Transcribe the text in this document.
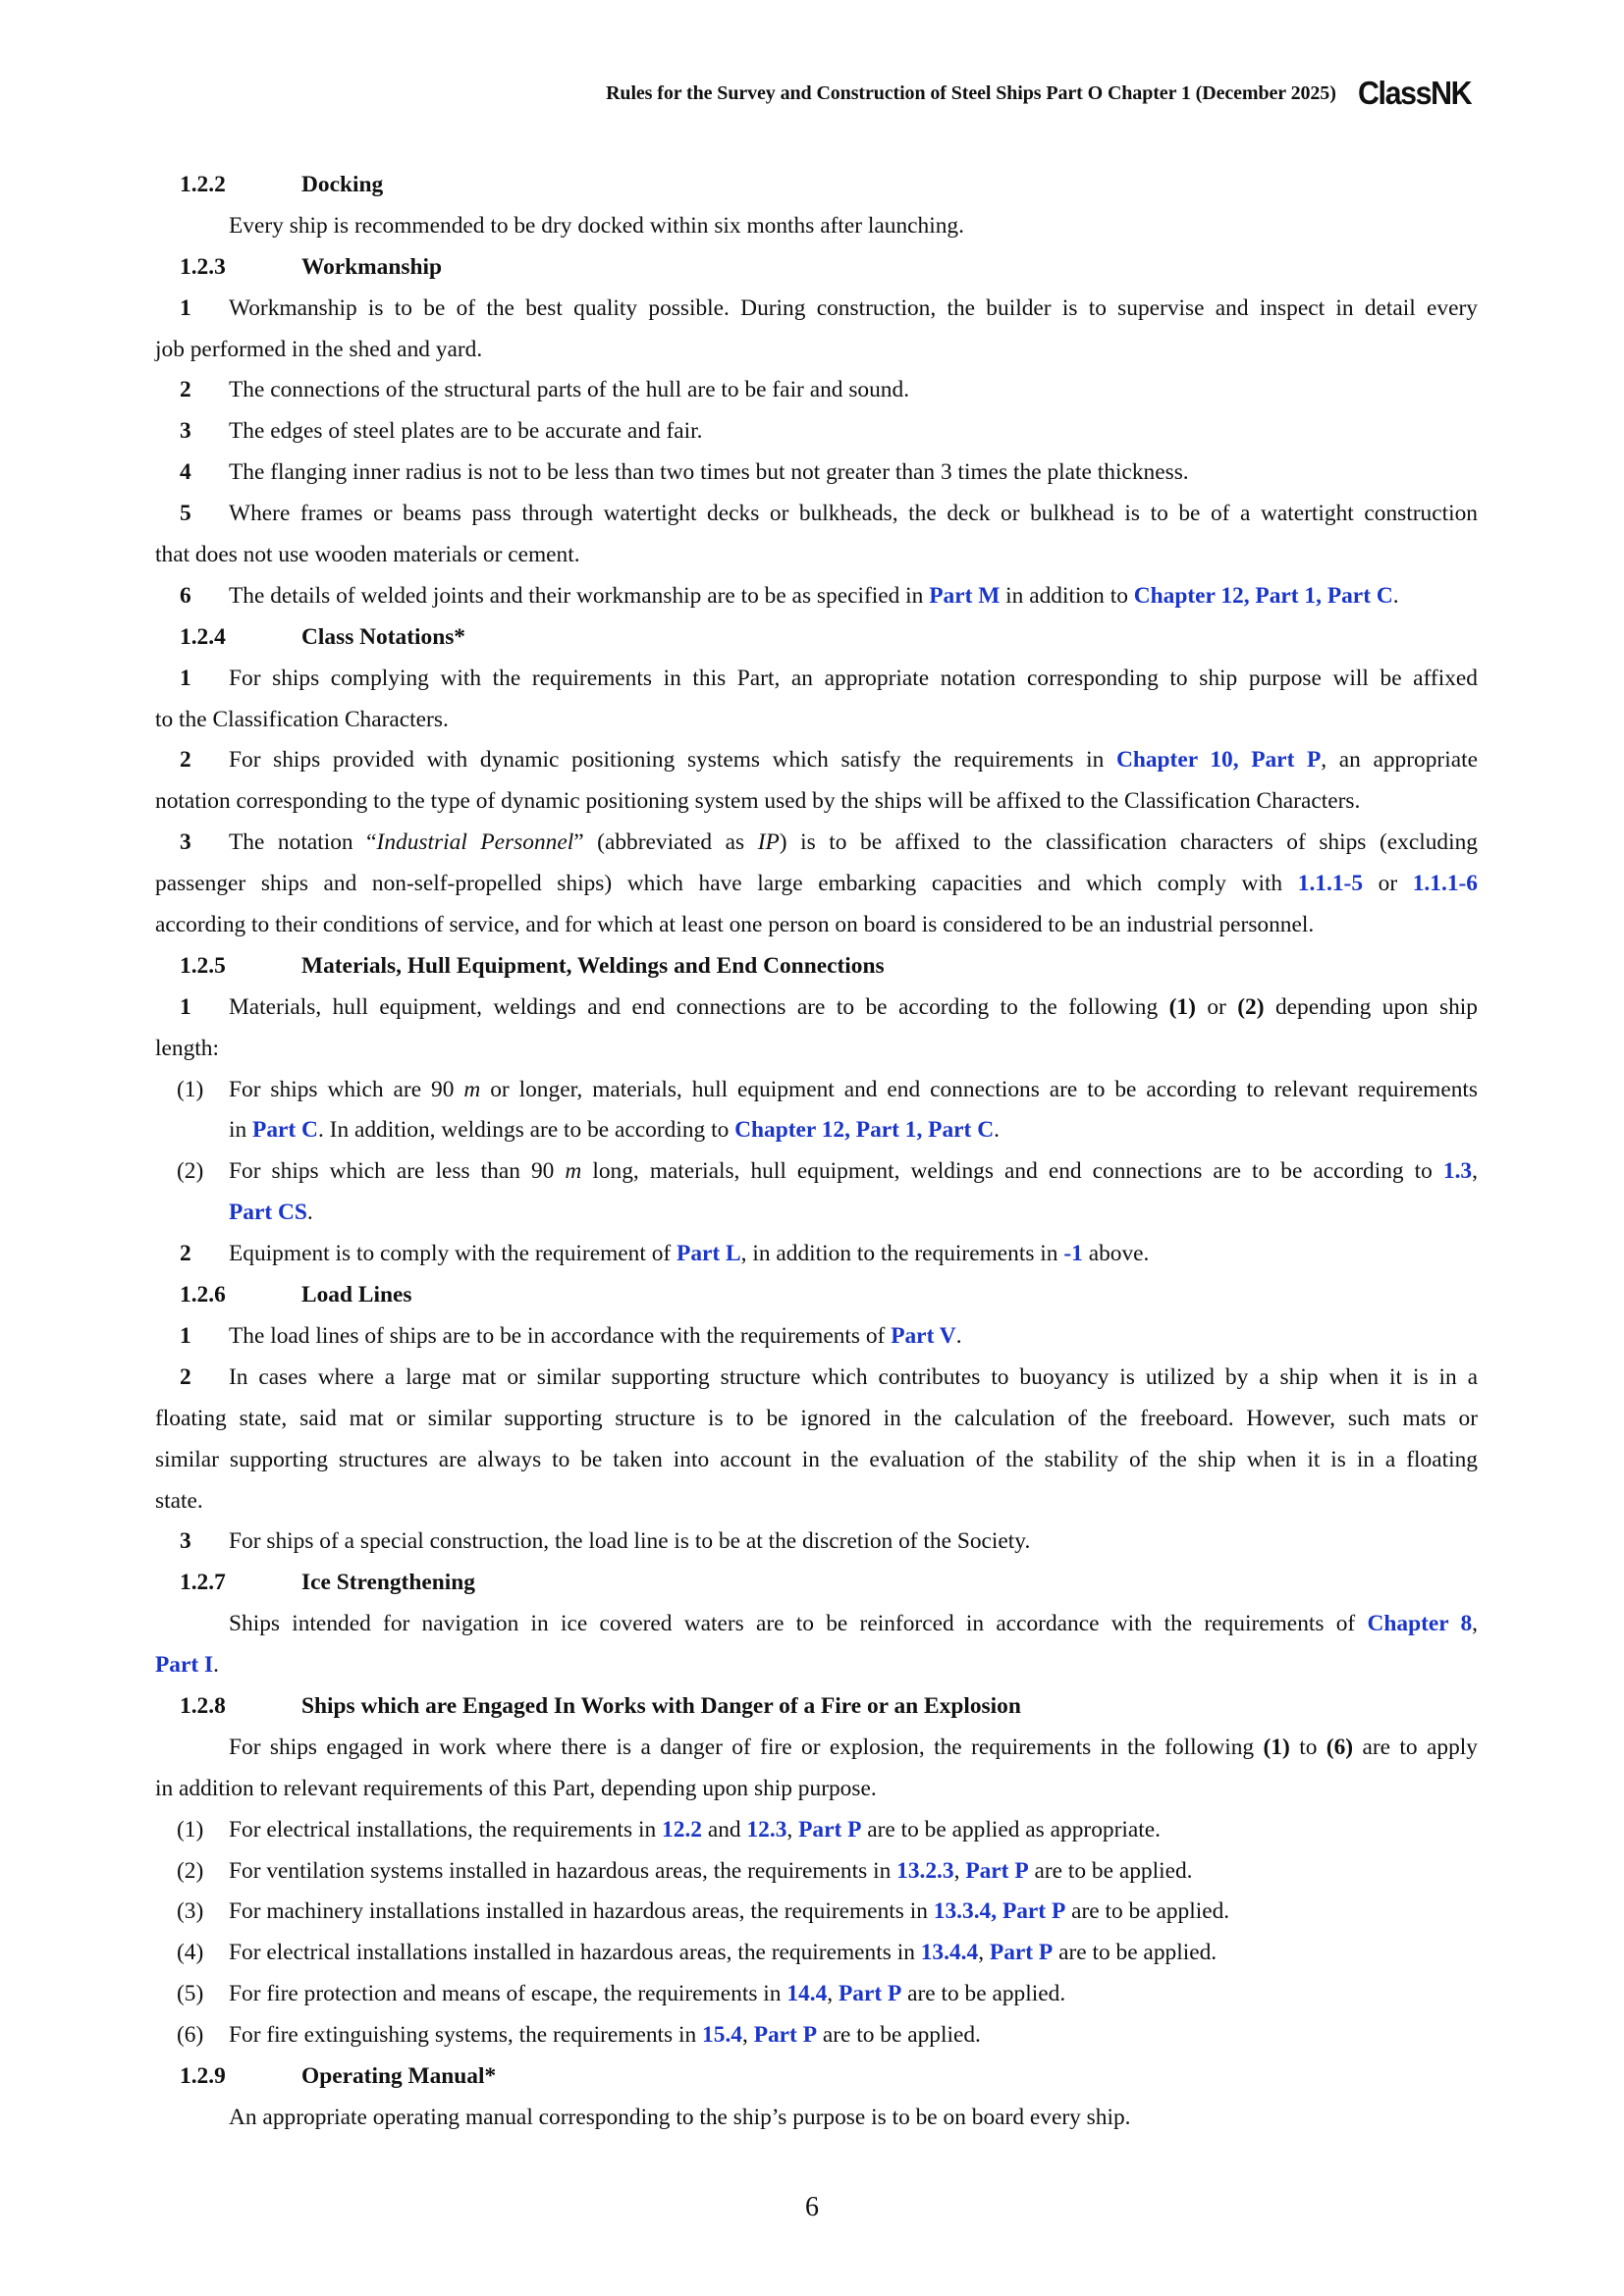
Rules for the Survey and Construction of Steel Ships Part O Chapter 1 (December 2025) ClassNK
1.2.2	Docking
Every ship is recommended to be dry docked within six months after launching.
1.2.3	Workmanship
1 Workmanship is to be of the best quality possible. During construction, the builder is to supervise and inspect in detail every
job performed in the shed and yard.
2 The connections of the structural parts of the hull are to be fair and sound.
3 The edges of steel plates are to be accurate and fair.
4 The flanging inner radius is not to be less than two times but not greater than 3 times the plate thickness.
5 Where frames or beams pass through watertight decks or bulkheads, the deck or bulkhead is to be of a watertight construction
that does not use wooden materials or cement.
6 The details of welded joints and their workmanship are to be as specified in Part M in addition to Chapter 12, Part 1, Part C.
1.2.4	Class Notations*
1 For ships complying with the requirements in this Part, an appropriate notation corresponding to ship purpose will be affixed
to the Classification Characters.
2 For ships provided with dynamic positioning systems which satisfy the requirements in Chapter 10, Part P, an appropriate
notation corresponding to the type of dynamic positioning system used by the ships will be affixed to the Classification Characters.
3 The notation “Industrial Personnel” (abbreviated as IP) is to be affixed to the classification characters of ships (excluding
passenger ships and non-self-propelled ships) which have large embarking capacities and which comply with 1.1.1-5 or 1.1.1-6
according to their conditions of service, and for which at least one person on board is considered to be an industrial personnel.
1.2.5	Materials, Hull Equipment, Weldings and End Connections
1 Materials, hull equipment, weldings and end connections are to be according to the following (1) or (2) depending upon ship
length:
(1) For ships which are 90 m or longer, materials, hull equipment and end connections are to be according to relevant requirements
in Part C. In addition, weldings are to be according to Chapter 12, Part 1, Part C.
(2) For ships which are less than 90 m long, materials, hull equipment, weldings and end connections are to be according to 1.3,
Part CS.
2 Equipment is to comply with the requirement of Part L, in addition to the requirements in -1 above.
1.2.6	Load Lines
1 The load lines of ships are to be in accordance with the requirements of Part V.
2 In cases where a large mat or similar supporting structure which contributes to buoyancy is utilized by a ship when it is in a
floating state, said mat or similar supporting structure is to be ignored in the calculation of the freeboard. However, such mats or
similar supporting structures are always to be taken into account in the evaluation of the stability of the ship when it is in a floating
state.
3 For ships of a special construction, the load line is to be at the discretion of the Society.
1.2.7	Ice Strengthening
Ships intended for navigation in ice covered waters are to be reinforced in accordance with the requirements of Chapter 8,
Part I.
1.2.8	Ships which are Engaged In Works with Danger of a Fire or an Explosion
For ships engaged in work where there is a danger of fire or explosion, the requirements in the following (1) to (6) are to apply
in addition to relevant requirements of this Part, depending upon ship purpose.
(1) For electrical installations, the requirements in 12.2 and 12.3, Part P are to be applied as appropriate.
(2) For ventilation systems installed in hazardous areas, the requirements in 13.2.3, Part P are to be applied.
(3) For machinery installations installed in hazardous areas, the requirements in 13.3.4, Part P are to be applied.
(4) For electrical installations installed in hazardous areas, the requirements in 13.4.4, Part P are to be applied.
(5) For fire protection and means of escape, the requirements in 14.4, Part P are to be applied.
(6) For fire extinguishing systems, the requirements in 15.4, Part P are to be applied.
1.2.9	Operating Manual*
An appropriate operating manual corresponding to the ship’s purpose is to be on board every ship.
6
